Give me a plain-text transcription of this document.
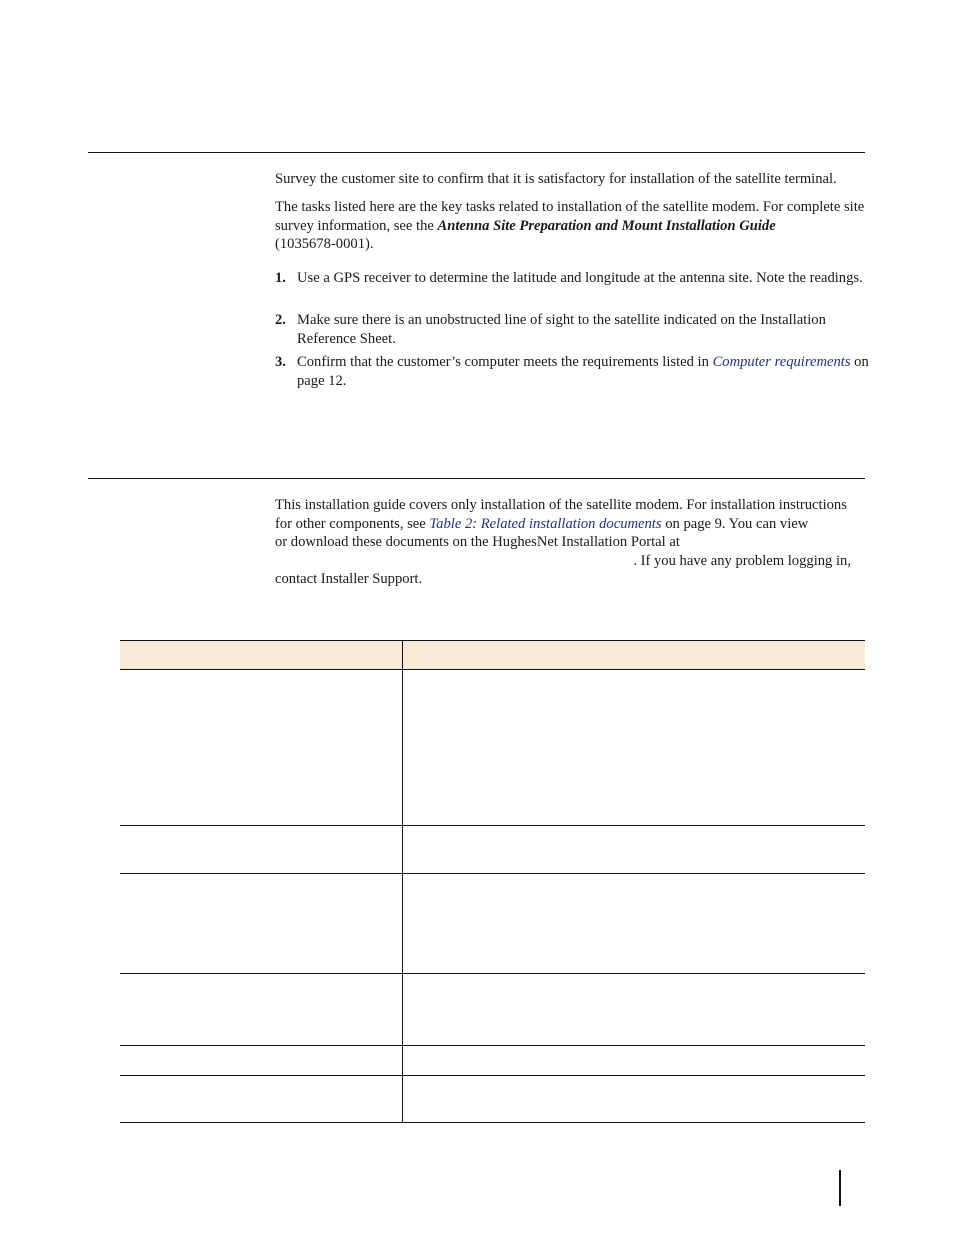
Survey the customer site to confirm that it is satisfactory for installation of the satellite terminal.

The tasks listed here are the key tasks related to installation of the satellite modem. For complete site survey information, see the Antenna Site Preparation and Mount Installation Guide
(1035678-0001).

1. Use a GPS receiver to determine the latitude and longitude at the antenna site. Note the readings.
2. Make sure there is an unobstructed line of sight to the satellite indicated on the Installation Reference Sheet.
3. Confirm that the customer’s computer meets the requirements listed in Computer requirements on page 12.
This installation guide covers only installation of the satellite modem. For installation instructions
for other components, see Table 2: Related installation documents on page 9. You can view
or download these documents on the HughesNet Installation Portal at
. If you have any problem logging in,
contact Installer Support.
